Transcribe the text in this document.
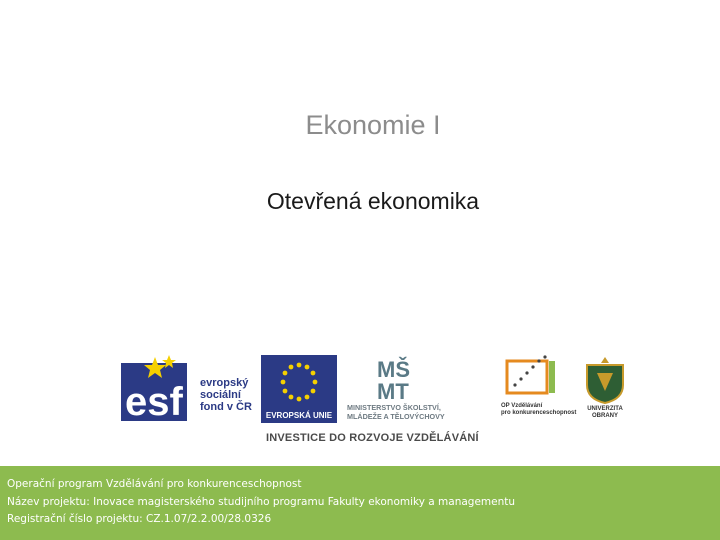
Ekonomie I
Otevřená ekonomika
esf evropský
sociální
fond v ČR
EVROPSKÁ UNIE
MŠ
MT
MINISTERSTVO ŠKOLSTVÍ,
MLÁDEŽE A TĚLOVÝCHOVY
OP Vzdělávání
pro konkurenceschopnost
UNIVERZITA
OBRANY
INVESTICE DO ROZVOJE VZDĚLÁVÁNÍ
Operační program Vzdělávání pro konkurenceschopnost
Název projektu: Inovace magisterského studijního programu Fakulty ekonomiky a managementu
Registrační číslo projektu: CZ.1.07/2.2.00/28.0326
